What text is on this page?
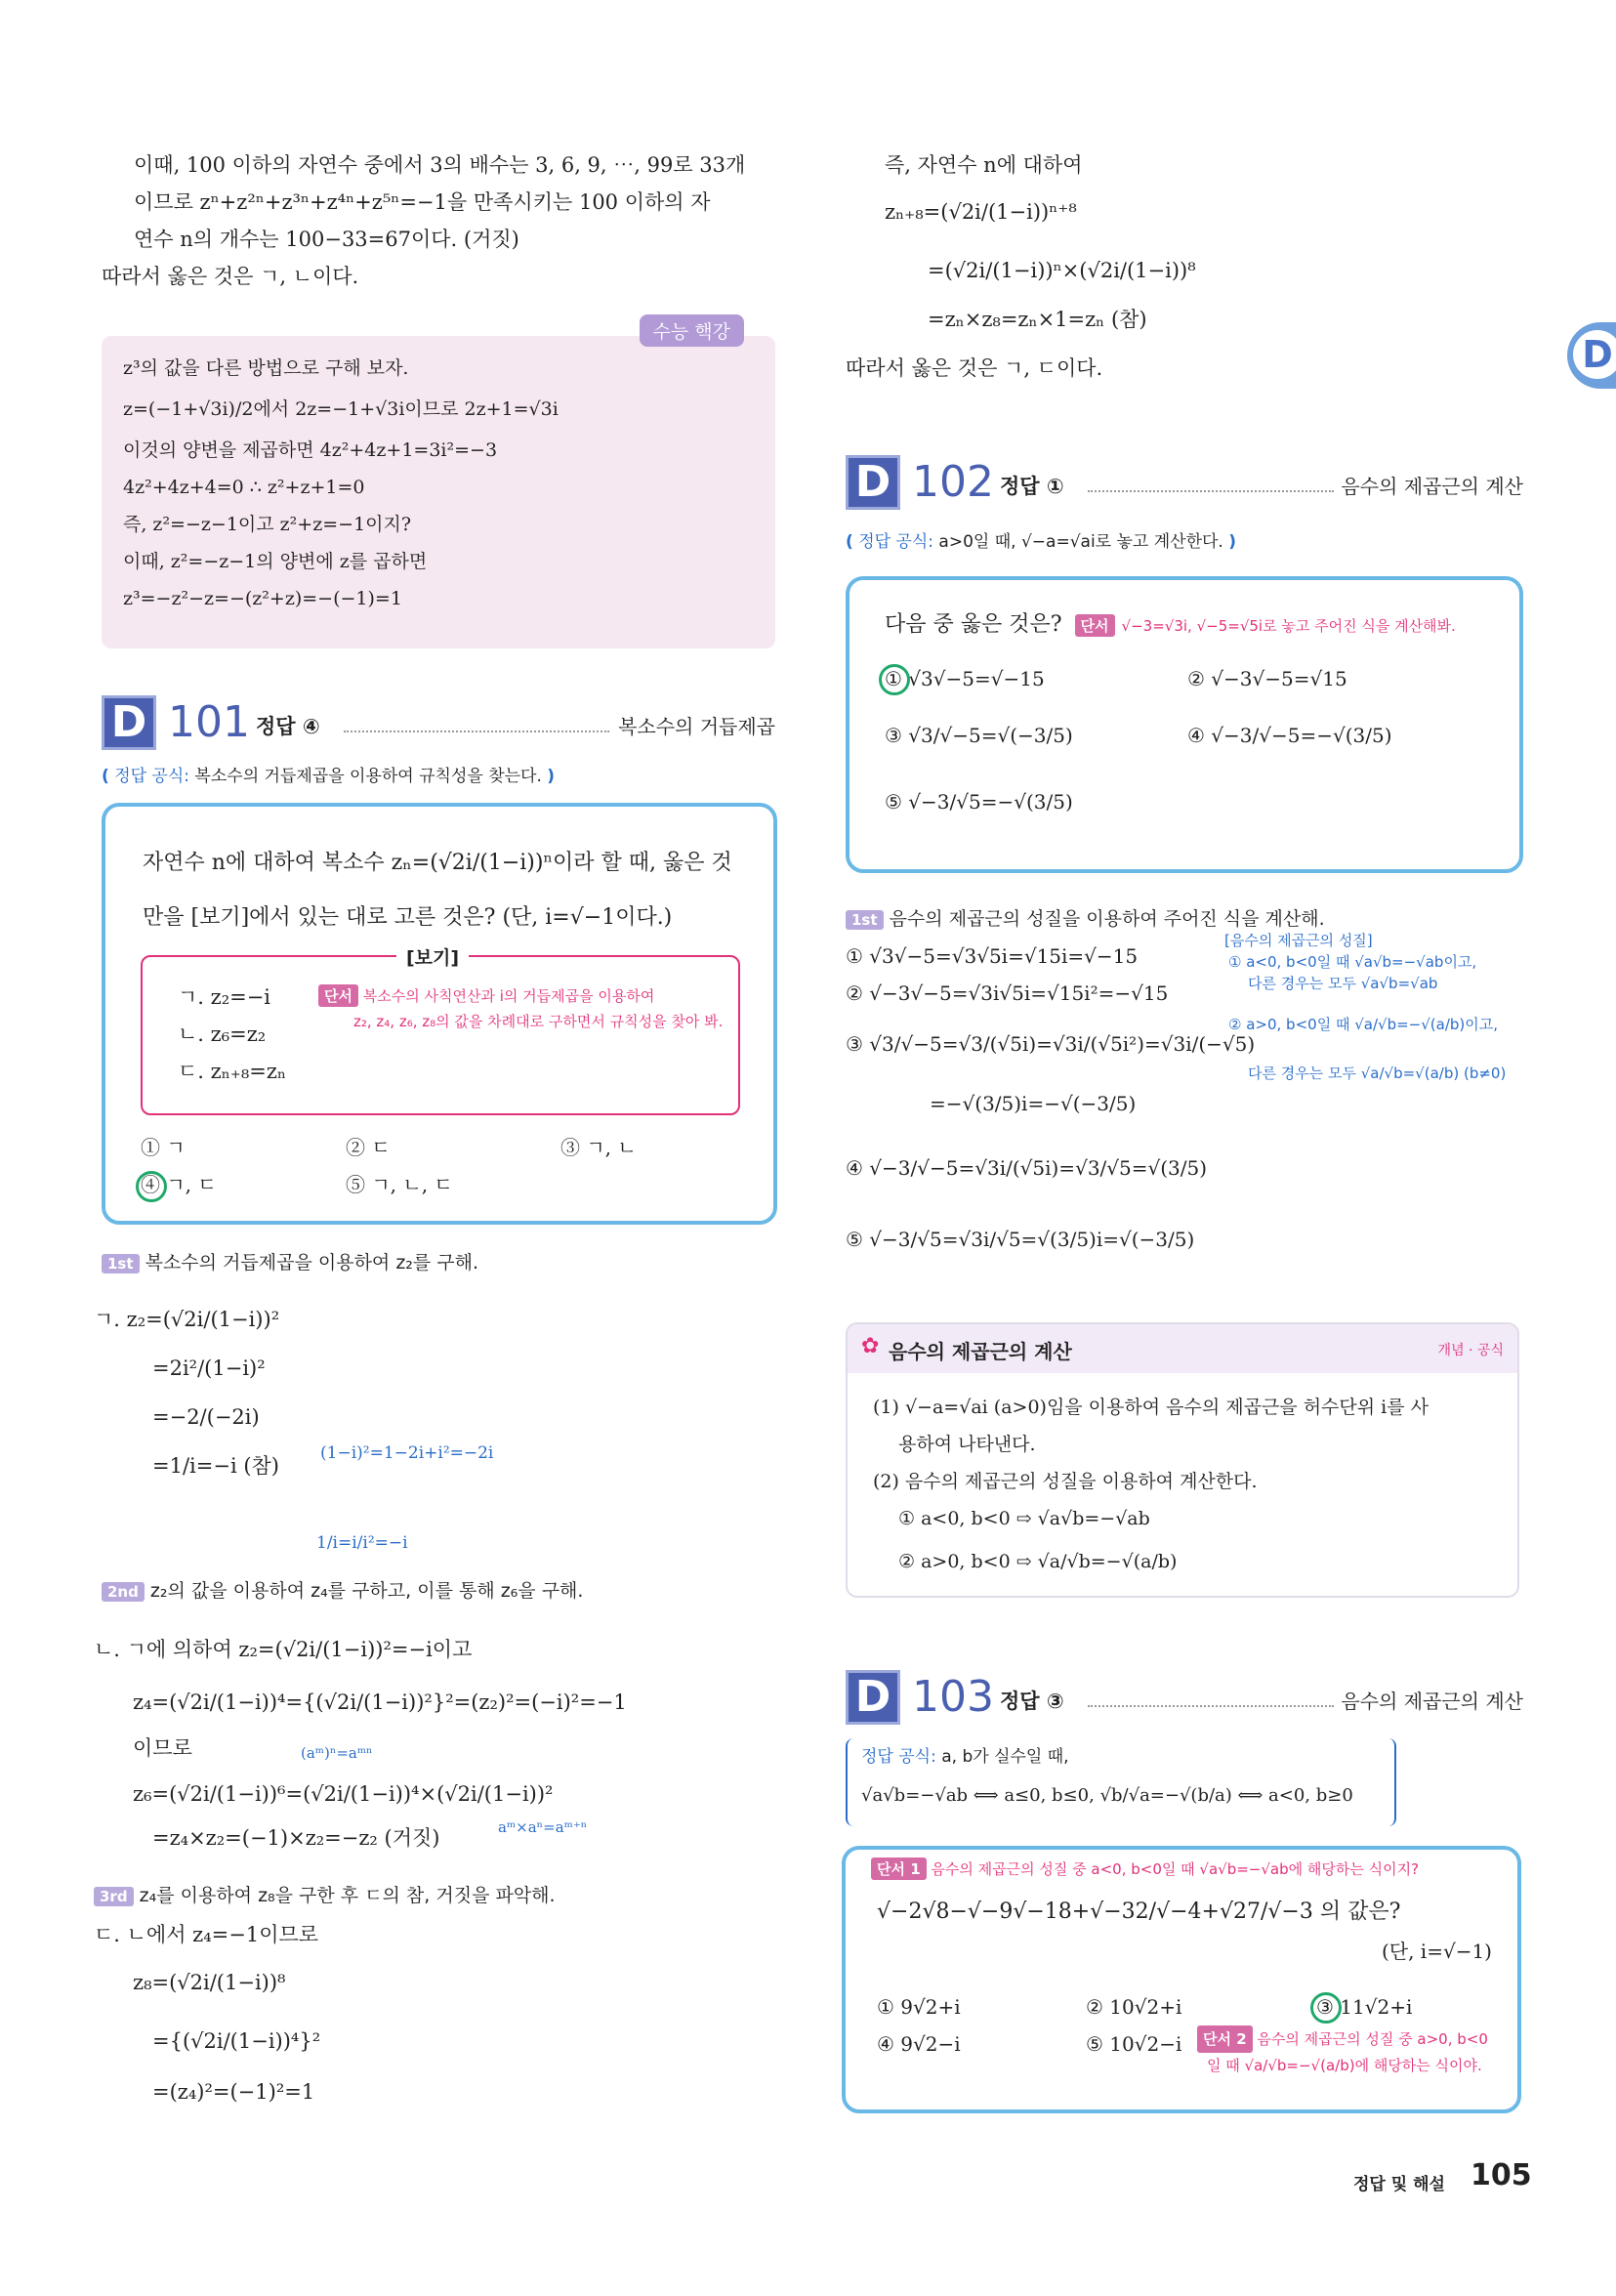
D
이때, 100 이하의 자연수 중에서 3의 배수는 3, 6, 9, ⋯, 99로 33개
이므로 zⁿ+z²ⁿ+z³ⁿ+z⁴ⁿ+z⁵ⁿ=−1을 만족시키는 100 이하의 자
연수 n의 개수는 100−33=67이다. (거짓)
따라서 옳은 것은 ㄱ, ㄴ이다.
수능 핵강
z³의 값을 다른 방법으로 구해 보자.
z=(−1+√3i)/2에서 2z=−1+√3i이므로 2z+1=√3i
이것의 양변을 제곱하면 4z²+4z+1=3i²=−3
4z²+4z+4=0 ∴ z²+z+1=0
즉, z²=−z−1이고 z²+z=−1이지?
이때, z²=−z−1의 양변에 z를 곱하면
z³=−z²−z=−(z²+z)=−(−1)=1
D 101 정답 ④	복소수의 거듭제곱
( 정답 공식: 복소수의 거듭제곱을 이용하여 규칙성을 찾는다. )
자연수 n에 대하여 복소수 zₙ=(√2i/(1−i))ⁿ이라 할 때, 옳은 것
만을 [보기]에서 있는 대로 고른 것은? (단, i=√−1이다.)
[보기]
ㄱ. z₂=−i
ㄴ. z₆=z₂
ㄷ. zₙ₊₈=zₙ
단서 복소수의 사칙연산과 i의 거듭제곱을 이용하여
z₂, z₄, z₆, z₈의 값을 차례대로 구하면서 규칙성을 찾아 봐.
① ㄱ	② ㄷ	③ ㄱ, ㄴ
④ ㄱ, ㄷ	⑤ ㄱ, ㄴ, ㄷ
1st 복소수의 거듭제곱을 이용하여 z₂를 구해.
ㄱ. z₂=(√2i/(1−i))²
=2i²/(1−i)²
=−2/(−2i)
=1/i=−i (참)
(1−i)²=1−2i+i²=−2i
1/i=i/i²=−i
2nd z₂의 값을 이용하여 z₄를 구하고, 이를 통해 z₆을 구해.
ㄴ. ㄱ에 의하여 z₂=(√2i/(1−i))²=−i이고
z₄=(√2i/(1−i))⁴={(√2i/(1−i))²}²=(z₂)²=(−i)²=−1
이므로
z₆=(√2i/(1−i))⁶=(√2i/(1−i))⁴×(√2i/(1−i))²
=z₄×z₂=(−1)×z₂=−z₂ (거짓)
(aᵐ)ⁿ=aᵐⁿ
aᵐ×aⁿ=aᵐ⁺ⁿ
3rd z₄를 이용하여 z₈을 구한 후 ㄷ의 참, 거짓을 파악해.
ㄷ. ㄴ에서 z₄=−1이므로
z₈=(√2i/(1−i))⁸
={(√2i/(1−i))⁴}²
=(z₄)²=(−1)²=1
즉, 자연수 n에 대하여
zₙ₊₈=(√2i/(1−i))ⁿ⁺⁸
=(√2i/(1−i))ⁿ×(√2i/(1−i))⁸
=zₙ×z₈=zₙ×1=zₙ (참)
따라서 옳은 것은 ㄱ, ㄷ이다.
D 102 정답 ①	음수의 제곱근의 계산
( 정답 공식: a>0일 때, √−a=√ai로 놓고 계산한다. )
다음 중 옳은 것은? 단서 √−3=√3i, √−5=√5i로 놓고 주어진 식을 계산해봐.
① √3√−5=√−15	② √−3√−5=√15
③ √3/√−5=√(−3/5)	④ √−3/√−5=−√(3/5)
⑤ √−3/√5=−√(3/5)
1st 음수의 제곱근의 성질을 이용하여 주어진 식을 계산해.
① √3√−5=√3√5i=√15i=√−15
② √−3√−5=√3i√5i=√15i²=−√15
③ √3/√−5=√3/(√5i)=√3i/(√5i²)=√3i/(−√5)
=−√(3/5)i=−√(−3/5)
④ √−3/√−5=√3i/(√5i)=√3/√5=√(3/5)
⑤ √−3/√5=√3i/√5=√(3/5)i=√(−3/5)
[음수의 제곱근의 성질]
① a<0, b<0일 때 √a√b=−√ab이고,
다른 경우는 모두 √a√b=√ab
② a>0, b<0일 때 √a/√b=−√(a/b)이고,
다른 경우는 모두 √a/√b=√(a/b) (b≠0)
✿ 음수의 제곱근의 계산	개념 · 공식
(1) √−a=√ai (a>0)임을 이용하여 음수의 제곱근을 허수단위 i를 사
용하여 나타낸다.
(2) 음수의 제곱근의 성질을 이용하여 계산한다.
① a<0, b<0 ⇨ √a√b=−√ab
② a>0, b<0 ⇨ √a/√b=−√(a/b)
D 103 정답 ③	음수의 제곱근의 계산
정답 공식: a, b가 실수일 때,
√a√b=−√ab ⟺ a≤0, b≤0, √b/√a=−√(b/a) ⟺ a<0, b≥0
단서 1 음수의 제곱근의 성질 중 a<0, b<0일 때 √a√b=−√ab에 해당하는 식이지?
√−2√8−√−9√−18+√−32/√−4+√27/√−3 의 값은?
(단, i=√−1)
① 9√2+i	② 10√2+i	③ 11√2+i
④ 9√2−i	⑤ 10√2−i	단서 2 음수의 제곱근의 성질 중 a>0, b<0
일 때 √a/√b=−√(a/b)에 해당하는 식이야.
정답 및 해설 105
